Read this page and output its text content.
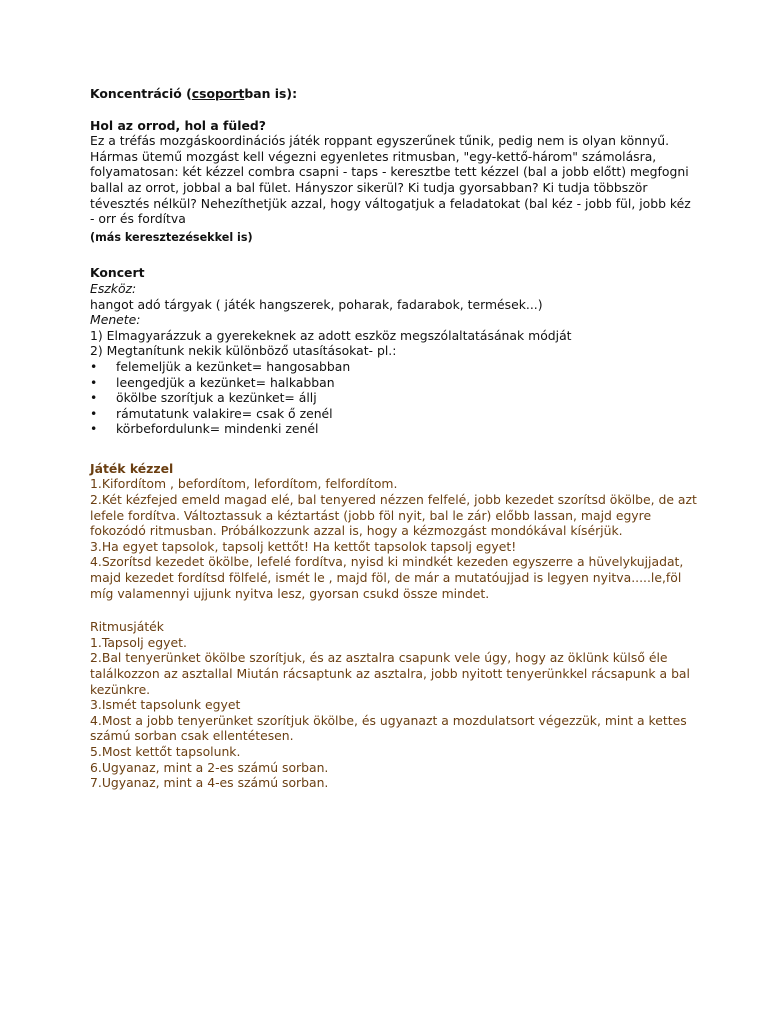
Koncentráció (csoportban is):
Hol az orrod, hol a füled?
Ez a tréfás mozgáskoordinációs játék roppant egyszerűnek tűnik, pedig nem is olyan könnyű.
Hármas ütemű mozgást kell végezni egyenletes ritmusban, "egy-kettő-három" számolásra,
folyamatosan: két kézzel combra csapni - taps - keresztbe tett kézzel (bal a jobb előtt) megfogni
ballal az orrot, jobbal a bal fület. Hányszor sikerül? Ki tudja gyorsabban? Ki tudja többször
tévesztés nélkül? Nehezíthetjük azzal, hogy váltogatjuk a feladatokat (bal kéz - jobb fül, jobb kéz
- orr és fordítva
(más keresztezésekkel is)
Koncert
Eszköz:
hangot adó tárgyak ( játék hangszerek, poharak, fadarabok, termések...)
Menete:
1) Elmagyarázzuk a gyerekeknek az adott eszköz megszólaltatásának módját
2) Megtanítunk nekik különböző utasításokat- pl.:
•	felemeljük a kezünket= hangosabban
•	leengedjük a kezünket= halkabban
•	ökölbe szorítjuk a kezünket= állj
•	rámutatunk valakire= csak ő zenél
•	körbefordulunk= mindenki zenél
Játék kézzel
1.Kifordítom , befordítom, lefordítom, felfordítom.
2.Két kézfejed emeld magad elé, bal tenyered nézzen felfelé, jobb kezedet szorítsd ökölbe, de azt
lefele fordítva. Változtassuk a kéztartást (jobb föl nyit, bal le zár) előbb lassan, majd egyre
fokozódó ritmusban. Próbálkozzunk azzal is, hogy a kézmozgást mondókával kísérjük.
3.Ha egyet tapsolok, tapsolj kettőt! Ha kettőt tapsolok tapsolj egyet!
4.Szorítsd kezedet ökölbe, lefelé fordítva, nyisd ki mindkét kezeden egyszerre a hüvelykujjadat,
majd kezedet fordítsd fölfelé, ismét le , majd föl, de már a mutatóujjad is legyen nyitva.....le,föl
míg valamennyi ujjunk nyitva lesz, gyorsan csukd össze mindet.
Ritmusjáték
1.Tapsolj egyet.
2.Bal tenyerünket ökölbe szorítjuk, és az asztalra csapunk vele úgy, hogy az öklünk külső éle
találkozzon az asztallal Miután rácsaptunk az asztalra, jobb nyitott tenyerünkkel rácsapunk a bal
kezünkre.
3.Ismét tapsolunk egyet
4.Most a jobb tenyerünket szorítjuk ökölbe, és ugyanazt a mozdulatsort végezzük, mint a kettes
számú sorban csak ellentétesen.
5.Most kettőt tapsolunk.
6.Ugyanaz, mint a 2-es számú sorban.
7.Ugyanaz, mint a 4-es számú sorban.
